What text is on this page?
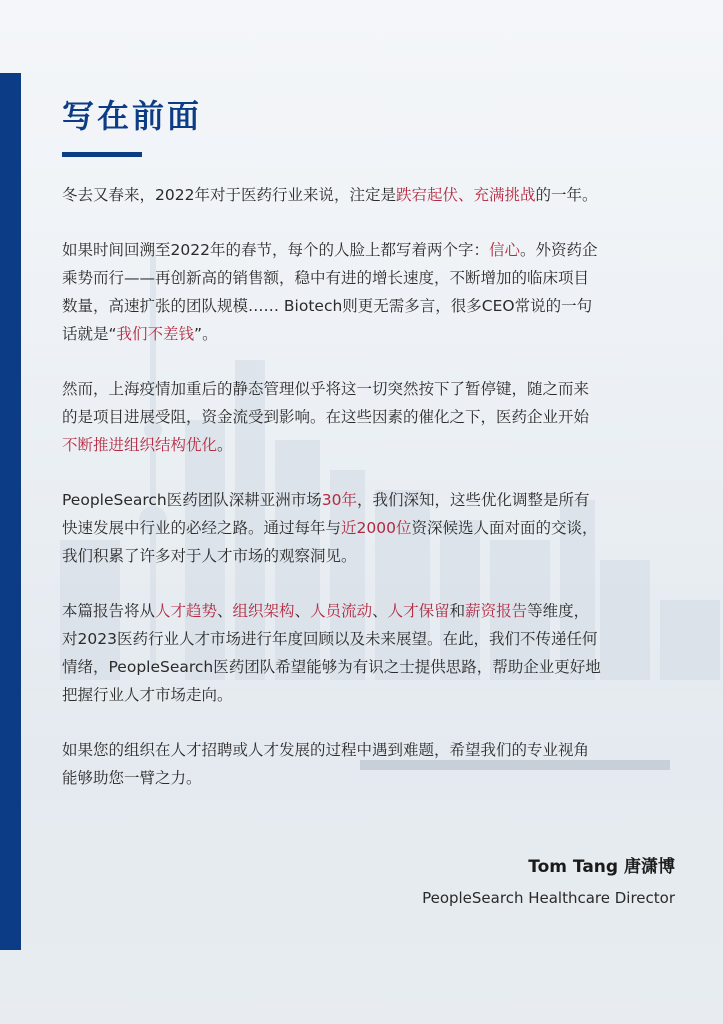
写在前面
冬去又春来，2022年对于医药行业来说，注定是跌宕起伏、充满挑战的一年。
如果时间回溯至2022年的春节，每个的人脸上都写着两个字：信心。外资药企
乘势而行——再创新高的销售额，稳中有进的增长速度，不断增加的临床项目
数量，高速扩张的团队规模…… Biotech则更无需多言，很多CEO常说的一句
话就是“我们不差钱”。
然而，上海疫情加重后的静态管理似乎将这一切突然按下了暂停键，随之而来
的是项目进展受阻，资金流受到影响。在这些因素的催化之下，医药企业开始
不断推进组织结构优化。
PeopleSearch医药团队深耕亚洲市场30年，我们深知，这些优化调整是所有
快速发展中行业的必经之路。通过每年与近2000位资深候选人面对面的交谈，
我们积累了许多对于人才市场的观察洞见。
本篇报告将从人才趋势、组织架构、人员流动、人才保留和薪资报告等维度，
对2023医药行业人才市场进行年度回顾以及未来展望。在此，我们不传递任何
情绪，PeopleSearch医药团队希望能够为有识之士提供思路，帮助企业更好地
把握行业人才市场走向。
如果您的组织在人才招聘或人才发展的过程中遇到难题，希望我们的专业视角
能够助您一臂之力。
Tom Tang 唐潇博
PeopleSearch Healthcare Director
